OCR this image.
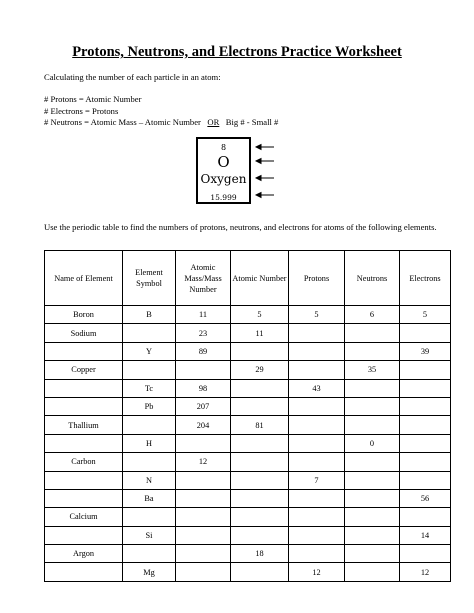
Protons, Neutrons, and Electrons Practice Worksheet
Calculating the number of each particle in an atom:
# Protons = Atomic Number
# Electrons = Protons
# Neutrons = Atomic Mass – Atomic Number OR Big # - Small #
8
O
Oxygen
15.999
Use the periodic table to find the numbers of protons, neutrons, and electrons for atoms of the following elements.
Name of Element	Element Symbol	Atomic Mass/Mass Number	Atomic Number	Protons	Neutrons	Electrons
Boron	B	11	5	5	6	5
Sodium		23	11			
	Y	89				39
Copper			29		35	
	Tc	98		43		
	Pb	207				
Thallium		204	81			
	H				0	
Carbon		12				
	N			7		
	Ba					56
Calcium						
	Si					14
Argon			18			
	Mg			12		12
